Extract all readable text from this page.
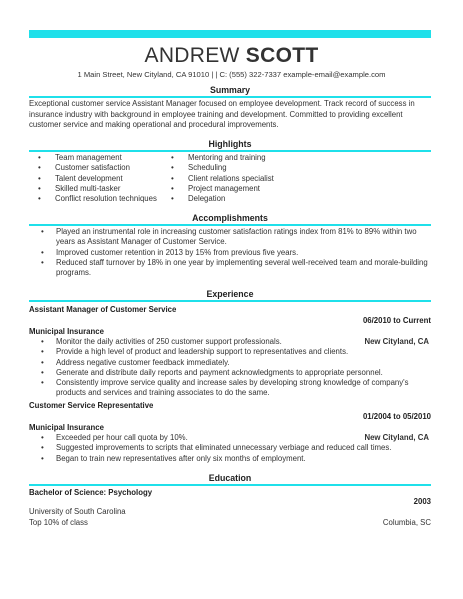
ANDREW SCOTT
1 Main Street, New Cityland, CA 91010 | | C: (555) 322-7337 example-email@example.com
Summary
Exceptional customer service Assistant Manager focused on employee development. Track record of success in insurance industry with background in employee training and development. Committed to providing excellent customer service and making operational and procedural improvements.
Highlights
• Team management
• Customer satisfaction
• Talent development
• Skilled multi-tasker
• Conflict resolution techniques
• Mentoring and training
• Scheduling
• Client relations specialist
• Project management
• Delegation
Accomplishments
• Played an instrumental role in increasing customer satisfaction ratings index from 81% to 89% within two years as Assistant Manager of Customer Service.
• Improved customer retention in 2013 by 15% from previous five years.
• Reduced staff turnover by 18% in one year by implementing several well-received team and morale-building programs.
Experience
Assistant Manager of Customer Service
06/2010 to Current
Municipal Insurance
• Monitor the daily activities of 250 customer support professionals.	New Cityland, CA
• Provide a high level of product and leadership support to representatives and clients.
• Address negative customer feedback immediately.
• Generate and distribute daily reports and payment acknowledgments to appropriate personnel.
• Consistently improve service quality and increase sales by developing strong knowledge of company's products and services and training associates to do the same.
Customer Service Representative
01/2004 to 05/2010
Municipal Insurance
• Exceeded per hour call quota by 10%.	New Cityland, CA
• Suggested improvements to scripts that eliminated unnecessary verbiage and reduced call times.
• Began to train new representatives after only six months of employment.
Education
Bachelor of Science: Psychology
2003
University of South Carolina
Top 10% of class	Columbia, SC
